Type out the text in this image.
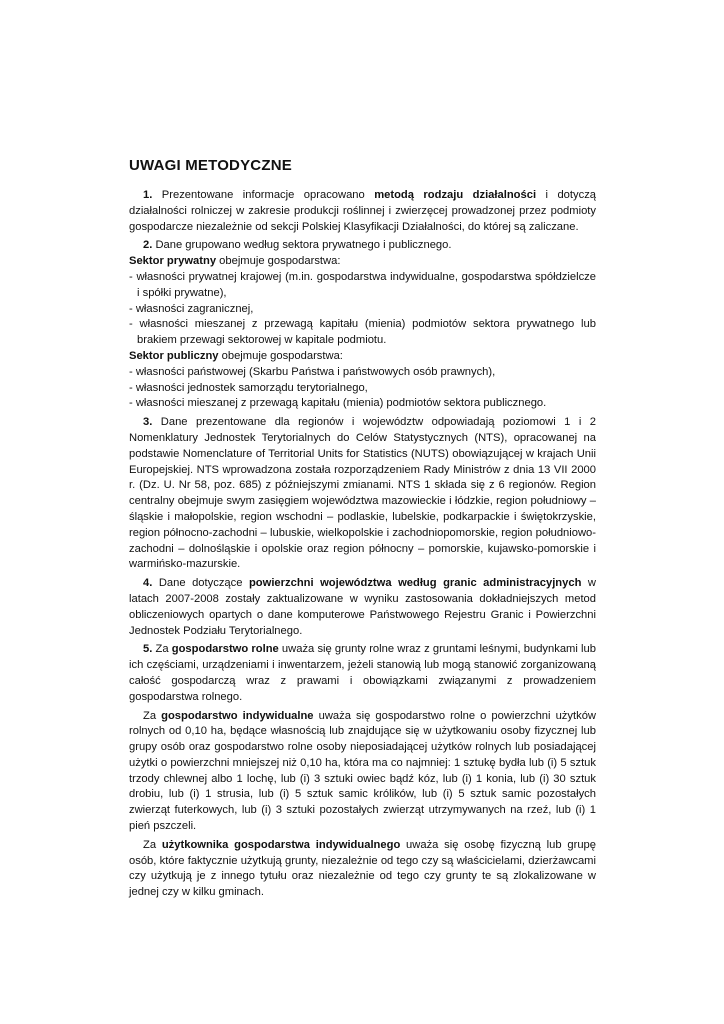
UWAGI METODYCZNE

1. Prezentowane informacje opracowano metodą rodzaju działalności i dotyczą działalności rolniczej w zakresie produkcji roślinnej i zwierzęcej prowadzonej przez podmioty gospodarcze niezależnie od sekcji Polskiej Klasyfikacji Działalności, do której są zaliczane.

2. Dane grupowano według sektora prywatnego i publicznego.

Sektor prywatny obejmuje gospodarstwa:

- własności prywatnej krajowej (m.in. gospodarstwa indywidualne, gospodarstwa spółdzielcze i spółki prywatne),

- własności zagranicznej,

- własności mieszanej z przewagą kapitału (mienia) podmiotów sektora prywatnego lub brakiem przewagi sektorowej w kapitale podmiotu.

Sektor publiczny obejmuje gospodarstwa:

- własności państwowej (Skarbu Państwa i państwowych osób prawnych),

- własności jednostek samorządu terytorialnego,

- własności mieszanej z przewagą kapitału (mienia) podmiotów sektora publicznego.

3. Dane prezentowane dla regionów i województw odpowiadają poziomowi 1 i 2 Nomenklatury Jednostek Terytorialnych do Celów Statystycznych (NTS), opracowanej na podstawie Nomenclature of Territorial Units for Statistics (NUTS) obowiązującej w krajach Unii Europejskiej. NTS wprowadzona została rozporządzeniem Rady Ministrów z dnia 13 VII 2000 r. (Dz. U. Nr 58, poz. 685) z późniejszymi zmianami. NTS 1 składa się z 6 regionów. Region centralny obejmuje swym zasięgiem województwa mazowieckie i łódzkie, region południowy – śląskie i małopolskie, region wschodni – podlaskie, lubelskie, podkarpackie i świętokrzyskie, region północno-zachodni – lubuskie, wielkopolskie i zachodniopomorskie, region południowo-zachodni – dolnośląskie i opolskie oraz region północny – pomorskie, kujawsko-pomorskie i warmińsko-mazurskie.

4. Dane dotyczące powierzchni województwa według granic administracyjnych w latach 2007-2008 zostały zaktualizowane w wyniku zastosowania dokładniejszych metod obliczeniowych opartych o dane komputerowe Państwowego Rejestru Granic i Powierzchni Jednostek Podziału Terytorialnego.

5. Za gospodarstwo rolne uważa się grunty rolne wraz z gruntami leśnymi, budynkami lub ich częściami, urządzeniami i inwentarzem, jeżeli stanowią lub mogą stanowić zorganizowaną całość gospodarczą wraz z prawami i obowiązkami związanymi z prowadzeniem gospodarstwa rolnego.

Za gospodarstwo indywidualne uważa się gospodarstwo rolne o powierzchni użytków rolnych od 0,10 ha, będące własnością lub znajdujące się w użytkowaniu osoby fizycznej lub grupy osób oraz gospodarstwo rolne osoby nieposiadającej użytków rolnych lub posiadającej użytki o powierzchni mniejszej niż 0,10 ha, która ma co najmniej: 1 sztukę bydła lub (i) 5 sztuk trzody chlewnej albo 1 lochę, lub (i) 3 sztuki owiec bądź kóz, lub (i) 1 konia, lub (i) 30 sztuk drobiu, lub (i) 1 strusia, lub (i) 5 sztuk samic królików, lub (i) 5 sztuk samic pozostałych zwierząt futerkowych, lub (i) 3 sztuki pozostałych zwierząt utrzymywanych na rzeź, lub (i) 1 pień pszczeli.

Za użytkownika gospodarstwa indywidualnego uważa się osobę fizyczną lub grupę osób, które faktycznie użytkują grunty, niezależnie od tego czy są właścicielami, dzierżawcami czy użytkują je z innego tytułu oraz niezależnie od tego czy grunty te są zlokalizowane w jednej czy w kilku gminach.
